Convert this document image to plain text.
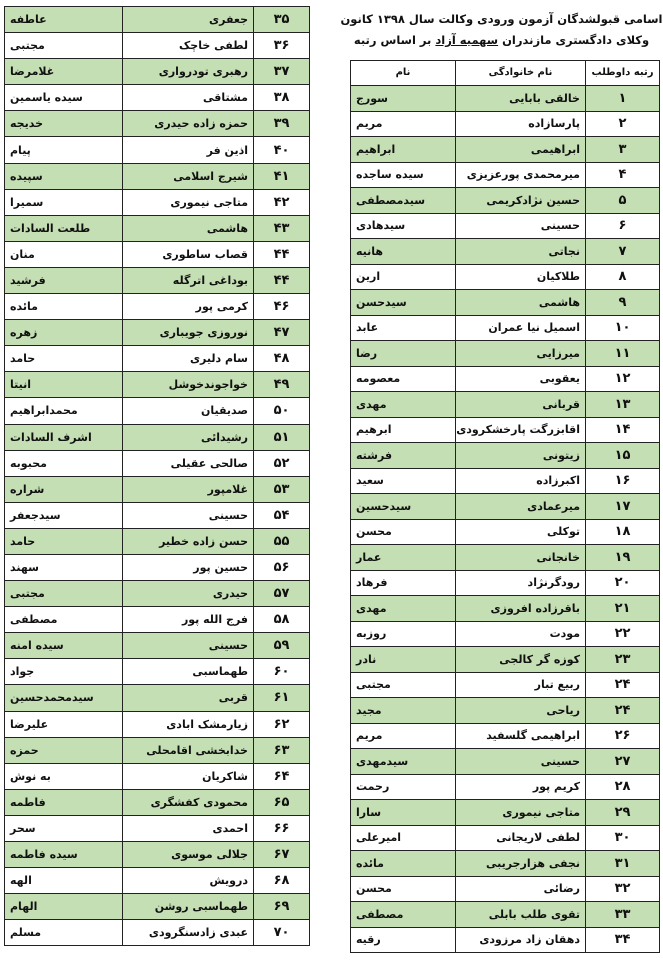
اسامی قبولشدگان آزمون ورودی وکالت سال ۱۳۹۸ کانون
وکلای دادگستری مازندران سهمیه آزاد بر اساس رتبه
۳۵	جعفری	عاطفه
۳۶	لطفی خاچک	مجتبی
۳۷	رهبری تودرواری	غلامرضا
۳۸	مشتاقی	سیده یاسمین
۳۹	حمزه زاده حیدری	خدیجه
۴۰	اذین فر	پیام
۴۱	شیرج اسلامی	سپیده
۴۲	متاجی نیموری	سمیرا
۴۳	هاشمی	طلعت السادات
۴۴	قصاب ساطوری	منان
۴۴	بوداغی اترگله	فرشید
۴۶	کرمی پور	مائده
۴۷	نوروزی جویباری	زهره
۴۸	سام دلیری	حامد
۴۹	خواجوندخوشل	انیتا
۵۰	صدیقیان	محمدابراهیم
۵۱	رشیدائی	اشرف السادات
۵۲	صالحی عقیلی	محبوبه
۵۳	غلامپور	شراره
۵۴	حسینی	سیدجعفر
۵۵	حسن زاده خطیر	حامد
۵۶	حسین پور	سهند
۵۷	حیدری	مجتبی
۵۸	فرج الله پور	مصطفی
۵۹	حسینی	سیده امنه
۶۰	طهماسبی	جواد
۶۱	قربی	سیدمحمدحسین
۶۲	زیارمشک ابادی	علیرضا
۶۳	خدابخشی اقامحلی	حمزه
۶۴	شاکریان	به نوش
۶۵	محمودی کفشگری	فاطمه
۶۶	احمدی	سحر
۶۷	جلالی موسوی	سیده فاطمه
۶۸	درویش	الهه
۶۹	طهماسبی روشن	الهام
۷۰	عبدی زادسنگرودی	مسلم
رتبه داوطلب	نام خانوادگی	نام
۱	خالقی بابایی	سورج
۲	پارسازاده	مریم
۳	ابراهیمی	ابراهیم
۴	میرمحمدی پورعزیزی	سیده ساجده
۵	حسین نژادکریمی	سیدمصطفی
۶	حسینی	سیدهادی
۷	نجاتی	هانیه
۸	طلاکیان	ارین
۹	هاشمی	سیدحسن
۱۰	اسمیل نیا عمران	عابد
۱۱	میرزایی	رضا
۱۲	یعقوبی	معصومه
۱۳	قربانی	مهدی
۱۴	اقابزرگت پارخشکرودی	ابرهیم
۱۵	زیتونی	فرشته
۱۶	اکبرزاده	سعید
۱۷	میرعمادی	سیدحسین
۱۸	توکلی	محسن
۱۹	خانجانی	عمار
۲۰	رودگرنژاد	فرهاد
۲۱	باقرزاده افروزی	مهدی
۲۲	مودت	روزبه
۲۳	کوزه گر کالجی	نادر
۲۴	ربیع تبار	مجتبی
۲۴	ریاحی	مجید
۲۶	ابراهیمی گلسفید	مریم
۲۷	حسینی	سیدمهدی
۲۸	کریم پور	رحمت
۲۹	متاجی نیموری	سارا
۳۰	لطفی لاریجانی	امیرعلی
۳۱	نجفی هزارجریبی	مائده
۳۲	رضائی	محسن
۳۳	تقوی طلب بابلی	مصطفی
۳۴	دهقان زاد مرزودی	رقیه
